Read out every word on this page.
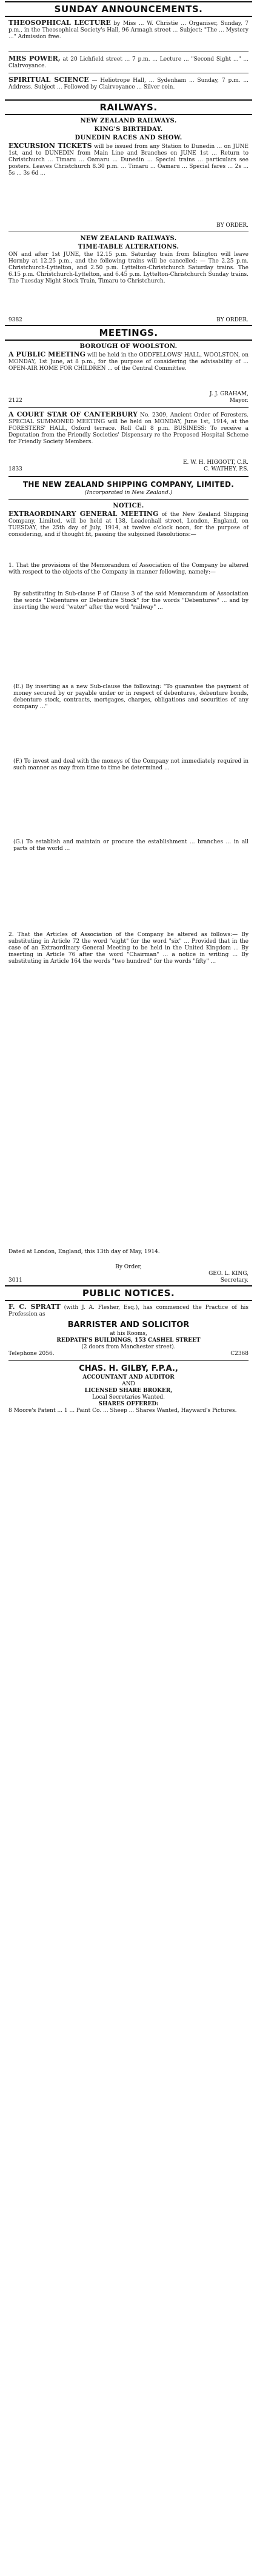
SUNDAY ANNOUNCEMENTS.
THEOSOPHICAL LECTURE by Miss ... W. Christie ... Organiser, Sunday, 7 p.m., in the Theosophical Society's Hall, 96 Armagh street ... Subject: "The ... Mystery ..." Admission free.
MRS POWER, at 20 Lichfield street ... 7 p.m. ... Lecture ... "Second Sight ..." ... Clairvoyance.
SPIRITUAL SCIENCE — Heliotrope Hall, ... Sydenham ... Sunday, 7 p.m. ... Address. Subject ... Followed by Clairvoyance ... Silver coin.
RAILWAYS.
NEW ZEALAND RAILWAYS.
KING'S BIRTHDAY.
DUNEDIN RACES AND SHOW.
EXCURSION TICKETS will be issued from any Station to Dunedin ... on JUNE 1st, and to DUNEDIN from Main Line and Branches on JUNE 1st ... Return to Christchurch ... Timaru ... Oamaru ... Dunedin ... Special trains ... particulars see posters. Leaves Christchurch 8.30 p.m. ... Timaru ... Oamaru ... Special fares ... 2s ... 5s ... 3s 6d ...
BY ORDER.
NEW ZEALAND RAILWAYS.
TIME-TABLE ALTERATIONS.
ON and after 1st JUNE, the 12.15 p.m. Saturday train from Islington will leave Hornby at 12.25 p.m., and the following trains will be cancelled: — The 2.25 p.m. Christchurch-Lyttelton, and 2.50 p.m. Lyttelton-Christchurch Saturday trains. The 6.15 p.m. Christchurch-Lyttelton, and 6.45 p.m. Lyttelton-Christchurch Sunday trains. The Tuesday Night Stock Train, Timaru to Christchurch.
9382	BY ORDER.
MEETINGS.
BOROUGH OF WOOLSTON.
A PUBLIC MEETING will be held in the ODDFELLOWS' HALL, WOOLSTON, on MONDAY, 1st June, at 8 p.m., for the purpose of considering the advisability of ... OPEN-AIR HOME FOR CHILDREN ... of the Central Committee.
J. J. GRAHAM,
2122	Mayor.
A COURT STAR OF CANTERBURY No. 2309, Ancient Order of Foresters. SPECIAL SUMMONED MEETING will be held on MONDAY, June 1st, 1914, at the FORESTERS' HALL, Oxford terrace. Roll Call 8 p.m. BUSINESS: To receive a Deputation from the Friendly Societies' Dispensary re the Proposed Hospital Scheme for Friendly Society Members.
E. W. H. HIGGOTT, C.R.
1833	C. WATHEY, P.S.
THE NEW ZEALAND SHIPPING COMPANY, LIMITED.
(Incorporated in New Zealand.)
NOTICE.
EXTRAORDINARY GENERAL MEETING of the New Zealand Shipping Company, Limited, will be held at 138, Leadenhall street, London, England, on TUESDAY, the 25th day of July, 1914, at twelve o'clock noon, for the purpose of considering, and if thought fit, passing the subjoined Resolutions:—
1. That the provisions of the Memorandum of Association of the Company be altered with respect to the objects of the Company in manner following, namely:—
By substituting in Sub-clause F of Clause 3 of the said Memorandum of Association the words "Debentures or Debenture Stock" for the words "Debentures" ... and by inserting the word "water" after the word "railway" ...
(E.) By inserting as a new Sub-clause the following: "To guarantee the payment of money secured by or payable under or in respect of debentures, debenture bonds, debenture stock, contracts, mortgages, charges, obligations and securities of any company ..."
(F.) To invest and deal with the moneys of the Company not immediately required in such manner as may from time to time be determined ...
(G.) To establish and maintain or procure the establishment ... branches ... in all parts of the world ...
2. That the Articles of Association of the Company be altered as follows:— By substituting in Article 72 the word "eight" for the word "six" ... Provided that in the case of an Extraordinary General Meeting to be held in the United Kingdom ... By inserting in Article 76 after the word "Chairman" ... a notice in writing ... By substituting in Article 164 the words "two hundred" for the words "fifty" ...
Dated at London, England, this 13th day of May, 1914.
By Order,
GEO. L. KING,
3011	Secretary.
PUBLIC NOTICES.
F. C. SPRATT (with J. A. Flesher, Esq.), has commenced the Practice of his Profession as
BARRISTER AND SOLICITOR
at his Rooms,
REDPATH'S BUILDINGS, 153 CASHEL STREET
(2 doors from Manchester street).
Telephone 2056.	C2368
CHAS. H. GILBY, F.P.A.,
ACCOUNTANT AND AUDITOR
AND
LICENSED SHARE BROKER,
Local Secretaries Wanted.
SHARES OFFERED:
8 Moore's Patent ... 1 ... Paint Co. ... Sheep ... Shares Wanted, Hayward's Pictures.
